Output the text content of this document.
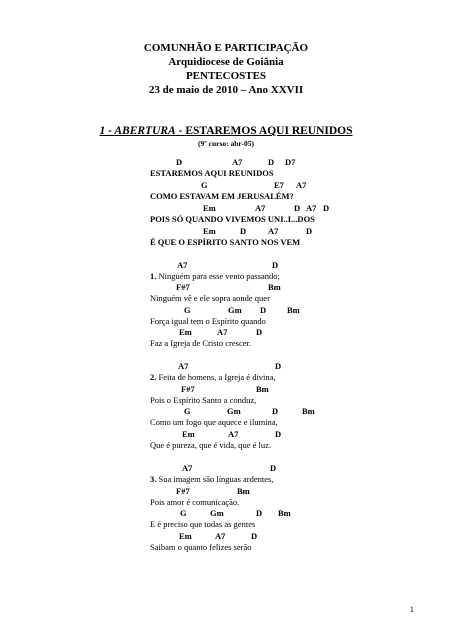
COMUNHÃO E PARTICIPAÇÃO
Arquidiocese de Goiânia
PENTECOSTES
23 de maio de 2010 – Ano XXVII
1 - ABERTURA - ESTAREMOS AQUI REUNIDOS
(9º curso: abr-05)
D	A7	D D7
ESTAREMOS AQUI REUNIDOS
G	E7 A7
COMO ESTAVAM EM JERUSALÉM?
Em	A7	D A7 D
POIS SÓ QUANDO VIVEMOS UNI..I...DOS
Em	D	A7	D
É QUE O ESPÍRITO SANTO NOS VEM
A7	D
1. Ninguém para esse vento passando;
F#7	Bm
Ninguém vê e ele sopra aonde quer
G	Gm D Bm
Força igual tem o Espírito quando
Em	A7	D
Faz a Igreja de Cristo crescer.
A7	D
2. Feita de homens, a Igreja é divina,
F#7	Bm
Pois o Espírito Santo a conduz,
G	Gm	D	Bm
Como um fogo que aquece e ilumina,
Em	A7	D
Que é pureza, que é vida, que é luz.
A7	D
3. Sua imagem são línguas ardentes,
F#7	Bm
Pois amor é comunicação.
G	Gm	D Bm
E é preciso que todas as gentes
Em	A7	D
Saibam o quanto felizes serão
1
